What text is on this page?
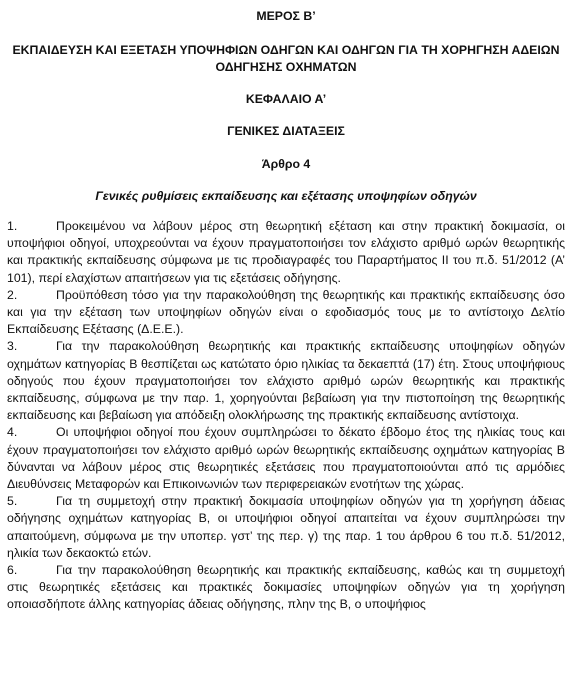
ΜΕΡΟΣ Β’

ΕΚΠΑΙΔΕΥΣΗ ΚΑΙ ΕΞΕΤΑΣΗ ΥΠΟΨΗΦΙΩΝ ΟΔΗΓΩΝ ΚΑΙ ΟΔΗΓΩΝ ΓΙΑ ΤΗ ΧΟΡΗΓΗΣΗ ΑΔΕΙΩΝ ΟΔΗΓΗΣΗΣ ΟΧΗΜΑΤΩΝ

ΚΕΦΑΛΑΙΟ Α’

ΓΕΝΙΚΕΣ ΔΙΑΤΑΞΕΙΣ

Άρθρο 4

Γενικές ρυθμίσεις εκπαίδευσης και εξέτασης υποψηφίων οδηγών

1.	Προκειμένου να λάβουν μέρος στη θεωρητική εξέταση και στην πρακτική δοκιμασία, οι υποψήφιοι οδηγοί, υποχρεούνται να έχουν πραγματοποιήσει τον ελάχιστο αριθμό ωρών θεωρητικής και πρακτικής εκπαίδευσης σύμφωνα με τις προδιαγραφές του Παραρτήματος ΙΙ του π.δ. 51/2012 (Α’ 101), περί ελαχίστων απαιτήσεων για τις εξετάσεις οδήγησης.

2.	Προϋπόθεση τόσο για την παρακολούθηση της θεωρητικής και πρακτικής εκπαίδευσης όσο και για την εξέταση των υποψηφίων οδηγών είναι ο εφοδιασμός τους με το αντίστοιχο Δελτίο Εκπαίδευσης Εξέτασης (Δ.Ε.Ε.).

3.	Για την παρακολούθηση θεωρητικής και πρακτικής εκπαίδευσης υποψηφίων οδηγών οχημάτων κατηγορίας Β θεσπίζεται ως κατώτατο όριο ηλικίας τα δεκαεπτά (17) έτη. Στους υποψήφιους οδηγούς που έχουν πραγματοποιήσει τον ελάχιστο αριθμό ωρών θεωρητικής και πρακτικής εκπαίδευσης, σύμφωνα με την παρ. 1, χορηγούνται βεβαίωση για την πιστοποίηση της θεωρητικής εκπαίδευσης και βεβαίωση για απόδειξη ολοκλήρωσης της πρακτικής εκπαίδευσης αντίστοιχα.

4.	Οι υποψήφιοι οδηγοί που έχουν συμπληρώσει το δέκατο έβδομο έτος της ηλικίας τους και έχουν πραγματοποιήσει τον ελάχιστο αριθμό ωρών θεωρητικής εκπαίδευσης οχημάτων κατηγορίας Β δύνανται να λάβουν μέρος στις θεωρητικές εξετάσεις που πραγματοποιούνται από τις αρμόδιες Διευθύνσεις Μεταφορών και Επικοινωνιών των περιφερειακών ενοτήτων της χώρας.

5.	Για τη συμμετοχή στην πρακτική δοκιμασία υποψηφίων οδηγών για τη χορήγηση άδειας οδήγησης οχημάτων κατηγορίας Β, οι υποψήφιοι οδηγοί απαιτείται να έχουν συμπληρώσει την απαιτούμενη, σύμφωνα με την υποπερ. γστ’ της περ. γ) της παρ. 1 του άρθρου 6 του π.δ. 51/2012, ηλικία των δεκαοκτώ ετών.

6.	Για την παρακολούθηση θεωρητικής και πρακτικής εκπαίδευσης, καθώς και τη συμμετοχή στις θεωρητικές εξετάσεις και πρακτικές δοκιμασίες υποψηφίων οδηγών για τη χορήγηση οποιασδήποτε άλλης κατηγορίας άδειας οδήγησης, πλην της Β, ο υποψήφιος
